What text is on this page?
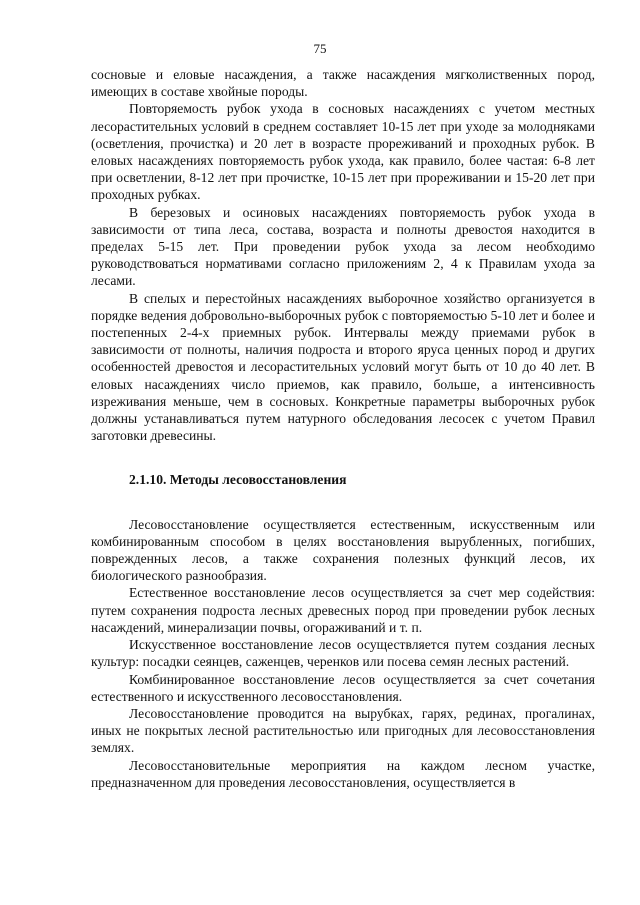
75

сосновые и еловые насаждения, а также насаждения мягколиственных пород, имеющих в составе хвойные породы.

Повторяемость рубок ухода в сосновых насаждениях с учетом местных лесорастительных условий в среднем составляет 10-15 лет при уходе за молодняками (осветления, прочистка) и 20 лет в возрасте прореживаний и проходных рубок. В еловых насаждениях повторяемость рубок ухода, как правило, более частая: 6-8 лет при осветлении, 8-12 лет при прочистке, 10-15 лет при прореживании и 15-20 лет при проходных рубках.

В березовых и осиновых насаждениях повторяемость рубок ухода в зависимости от типа леса, состава, возраста и полноты древостоя находится в пределах 5-15 лет. При проведении рубок ухода за лесом необходимо руководствоваться нормативами согласно приложениям 2, 4 к Правилам ухода за лесами.

В спелых и перестойных насаждениях выборочное хозяйство организуется в порядке ведения добровольно-выборочных рубок с повторяемостью 5-10 лет и более и постепенных 2-4-х приемных рубок. Интервалы между приемами рубок в зависимости от полноты, наличия подроста и второго яруса ценных пород и других особенностей древостоя и лесорастительных условий могут быть от 10 до 40 лет. В еловых насаждениях число приемов, как правило, больше, а интенсивность изреживания меньше, чем в сосновых. Конкретные параметры выборочных рубок должны устанавливаться путем натурного обследования лесосек с учетом Правил заготовки древесины.

2.1.10. Методы лесовосстановления

Лесовосстановление осуществляется естественным, искусственным или комбинированным способом в целях восстановления вырубленных, погибших, поврежденных лесов, а также сохранения полезных функций лесов, их биологического разнообразия.

Естественное восстановление лесов осуществляется за счет мер содействия: путем сохранения подроста лесных древесных пород при проведении рубок лесных насаждений, минерализации почвы, огораживаний и т. п.

Искусственное восстановление лесов осуществляется путем создания лесных культур: посадки сеянцев, саженцев, черенков или посева семян лесных растений.

Комбинированное восстановление лесов осуществляется за счет сочетания естественного и искусственного лесовосстановления.

Лесовосстановление проводится на вырубках, гарях, рединах, прогалинах, иных не покрытых лесной растительностью или пригодных для лесовосстановления землях.

Лесовосстановительные мероприятия на каждом лесном участке, предназначенном для проведения лесовосстановления, осуществляется в
